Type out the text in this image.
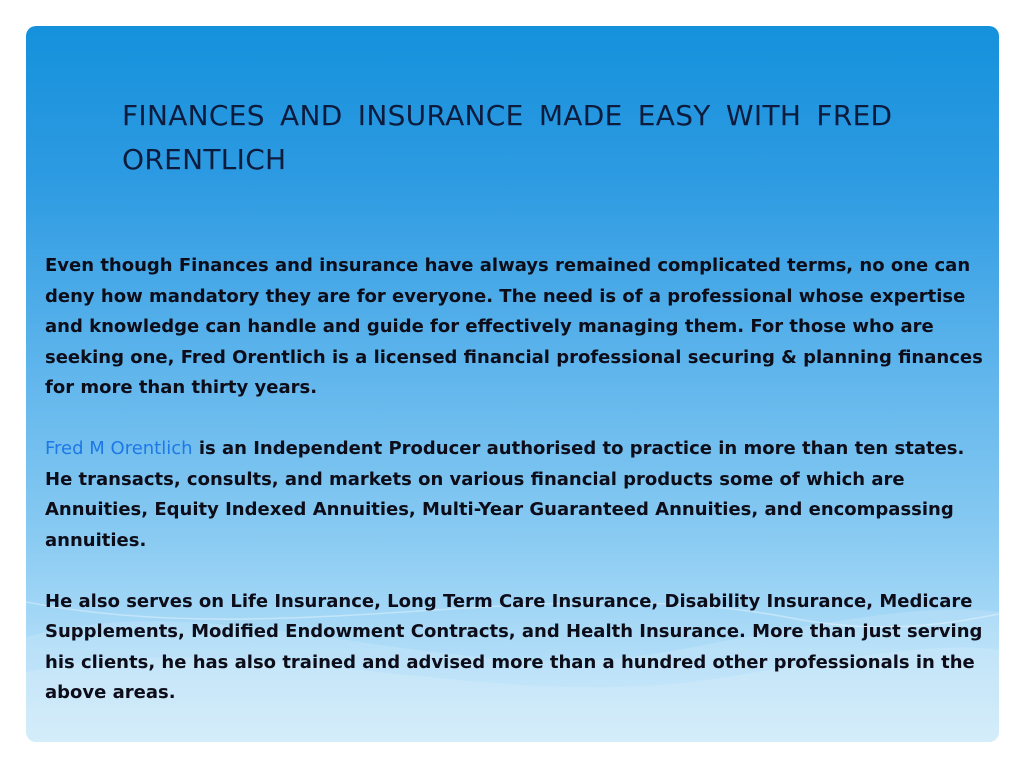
FINANCES AND INSURANCE MADE EASY WITH FRED ORENTLICH

Even though Finances and insurance have always remained complicated terms, no one can deny how mandatory they are for everyone. The need is of a professional whose expertise and knowledge can handle and guide for effectively managing them. For those who are seeking one, Fred Orentlich is a licensed financial professional securing & planning finances for more than thirty years.

Fred M Orentlich is an Independent Producer authorised to practice in more than ten states. He transacts, consults, and markets on various financial products some of which are Annuities, Equity Indexed Annuities, Multi-Year Guaranteed Annuities, and encompassing annuities.

He also serves on Life Insurance, Long Term Care Insurance, Disability Insurance, Medicare Supplements, Modified Endowment Contracts, and Health Insurance. More than just serving his clients, he has also trained and advised more than a hundred other professionals in the above areas.
